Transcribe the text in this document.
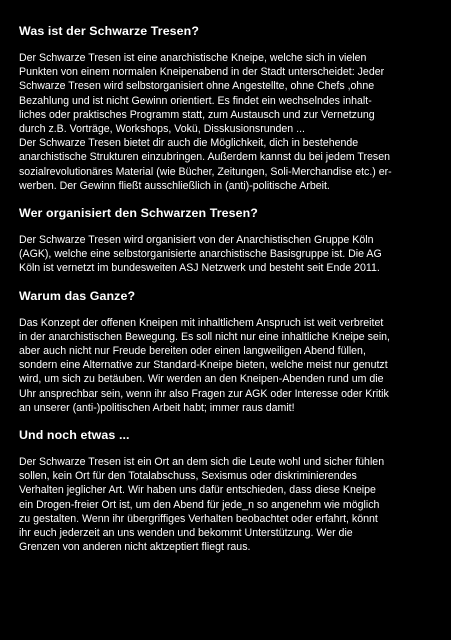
Was ist der Schwarze Tresen?

Der Schwarze Tresen ist eine anarchistische Kneipe, welche sich in vielen
Punkten von einem normalen Kneipenabend in der Stadt unterscheidet: Jeder
Schwarze Tresen wird selbstorganisiert ohne Angestellte, ohne Chefs ,ohne
Bezahlung und ist nicht Gewinn orientiert. Es findet ein wechselndes inhalt-
liches oder praktisches Programm statt, zum Austausch und zur Vernetzung
durch z.B. Vorträge, Workshops, Vokü, Disskusionsrunden ...
Der Schwarze Tresen bietet dir auch die Möglichkeit, dich in bestehende
anarchistische Strukturen einzubringen. Außerdem kannst du bei jedem Tresen
sozialrevolutionäres Material (wie Bücher, Zeitungen, Soli-Merchandise etc.) er-
werben. Der Gewinn fließt ausschließlich in (anti)-politische Arbeit.

Wer organisiert den Schwarzen Tresen?

Der Schwarze Tresen wird organisiert von der Anarchistischen Gruppe Köln
(AGK), welche eine selbstorganisierte anarchistische Basisgruppe ist. Die AG
Köln ist vernetzt im bundesweiten ASJ Netzwerk und besteht seit Ende 2011.

Warum das Ganze?

Das Konzept der offenen Kneipen mit inhaltlichem Anspruch ist weit verbreitet
in der anarchistischen Bewegung. Es soll nicht nur eine inhaltliche Kneipe sein,
aber auch nicht nur Freude bereiten oder einen langweiligen Abend füllen,
sondern eine Alternative zur Standard-Kneipe bieten, welche meist nur genutzt
wird, um sich zu betäuben. Wir werden an den Kneipen-Abenden rund um die
Uhr ansprechbar sein, wenn ihr also Fragen zur AGK oder Interesse oder Kritik
an unserer (anti-)politischen Arbeit habt; immer raus damit!

Und noch etwas ...

Der Schwarze Tresen ist ein Ort an dem sich die Leute wohl und sicher fühlen
sollen, kein Ort für den Totalabschuss, Sexismus oder diskriminierendes
Verhalten jeglicher Art. Wir haben uns dafür entschieden, dass diese Kneipe
ein Drogen-freier Ort ist, um den Abend für jede_n so angenehm wie möglich
zu gestalten. Wenn ihr übergriffiges Verhalten beobachtet oder erfahrt, könnt
ihr euch jederzeit an uns wenden und bekommt Unterstützung. Wer die
Grenzen von anderen nicht aktzeptiert fliegt raus.
